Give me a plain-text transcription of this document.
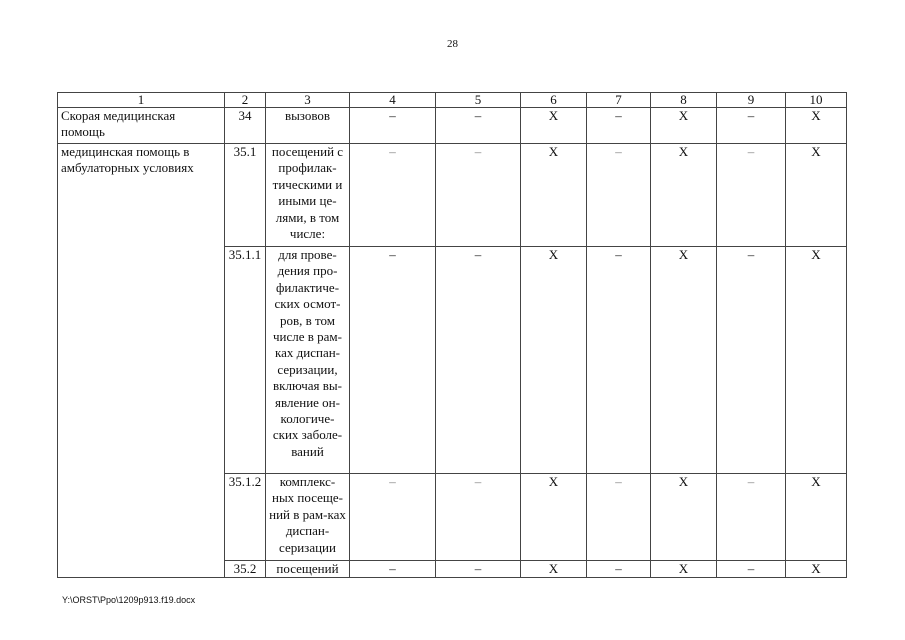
28
1	2	3	4	5	6	7	8	9	10
Скорая медицинская помощь	34	вызовов	–	–	Х	–	Х	–	Х
медицинская помощь в амбулаторных условиях	35.1	посещений с профилак-тическими и иными це-лями, в том числе:	–	–	Х	–	Х	–	Х
	35.1.1	для прове-дения про-филактиче-ских осмот-ров, в том числе в рам-ках диспан-серизации, включая вы-явление он-кологиче-ских заболе-ваний	–	–	Х	–	Х	–	Х
	35.1.2	комплекс-ных посеще-ний в рам-ках диспан-серизации	–	–	Х	–	Х	–	Х
	35.2	посещений	–	–	Х	–	Х	–	Х
Y:\ORST\Ppo\1209p913.f19.docx
